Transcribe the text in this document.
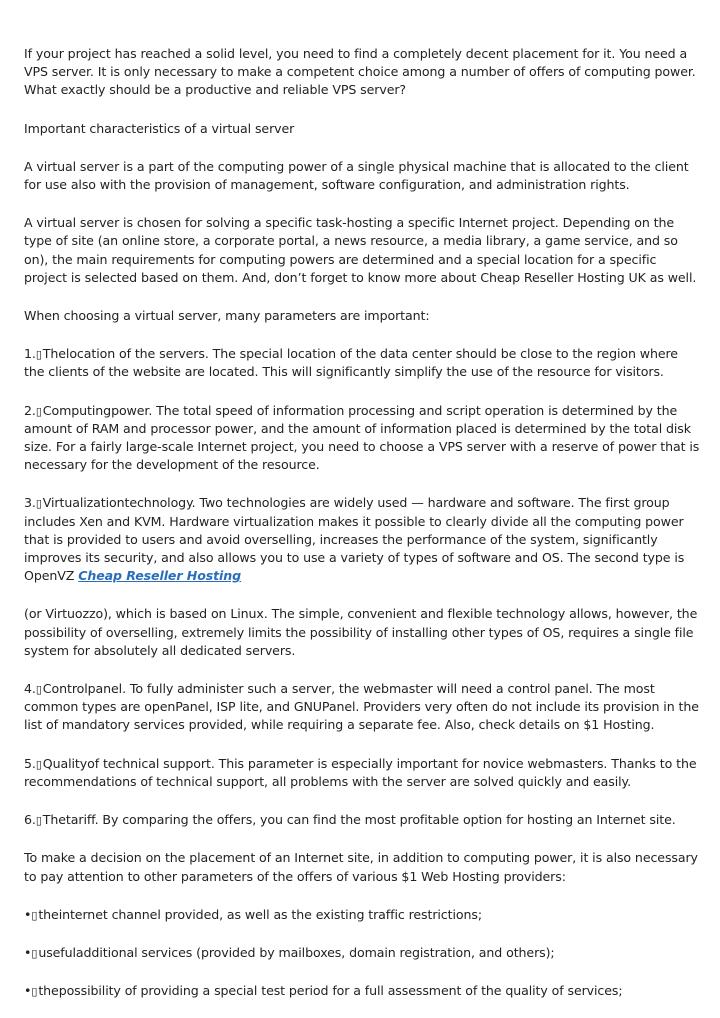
If your project has reached a solid level, you need to find a completely decent placement for it. You need a VPS server. It is only necessary to make a competent choice among a number of offers of computing power. What exactly should be a productive and reliable VPS server?

Important characteristics of a virtual server

A virtual server is a part of the computing power of a single physical machine that is allocated to the client for use also with the provision of management, software configuration, and administration rights.

A virtual server is chosen for solving a specific task-hosting a specific Internet project. Depending on the type of site (an online store, a corporate portal, a news resource, a media library, a game service, and so on), the main requirements for computing powers are determined and a special location for a specific project is selected based on them. And, don’t forget to know more about Cheap Reseller Hosting UK as well.

When choosing a virtual server, many parameters are important:

1.▯Thelocation of the servers. The special location of the data center should be close to the region where the clients of the website are located. This will significantly simplify the use of the resource for visitors.

2.▯Computingpower. The total speed of information processing and script operation is determined by the amount of RAM and processor power, and the amount of information placed is determined by the total disk size. For a fairly large-scale Internet project, you need to choose a VPS server with a reserve of power that is necessary for the development of the resource.

3.▯Virtualizationtechnology. Two technologies are widely used — hardware and software. The first group includes Xen and KVM. Hardware virtualization makes it possible to clearly divide all the computing power that is provided to users and avoid overselling, increases the performance of the system, significantly improves its security, and also allows you to use a variety of types of software and OS. The second type is OpenVZ Cheap Reseller Hosting

(or Virtuozzo), which is based on Linux. The simple, convenient and flexible technology allows, however, the possibility of overselling, extremely limits the possibility of installing other types of OS, requires a single file system for absolutely all dedicated servers.

4.▯Controlpanel. To fully administer such a server, the webmaster will need a control panel. The most common types are openPanel, ISP lite, and GNUPanel. Providers very often do not include its provision in the list of mandatory services provided, while requiring a separate fee. Also, check details on $1 Hosting.

5.▯Qualityof technical support. This parameter is especially important for novice webmasters. Thanks to the recommendations of technical support, all problems with the server are solved quickly and easily.

6.▯Thetariff. By comparing the offers, you can find the most profitable option for hosting an Internet site.

To make a decision on the placement of an Internet site, in addition to computing power, it is also necessary to pay attention to other parameters of the offers of various $1 Web Hosting providers:

•▯theinternet channel provided, as well as the existing traffic restrictions;

•▯usefuladditional services (provided by mailboxes, domain registration, and others);

•▯thepossibility of providing a special test period for a full assessment of the quality of services;
